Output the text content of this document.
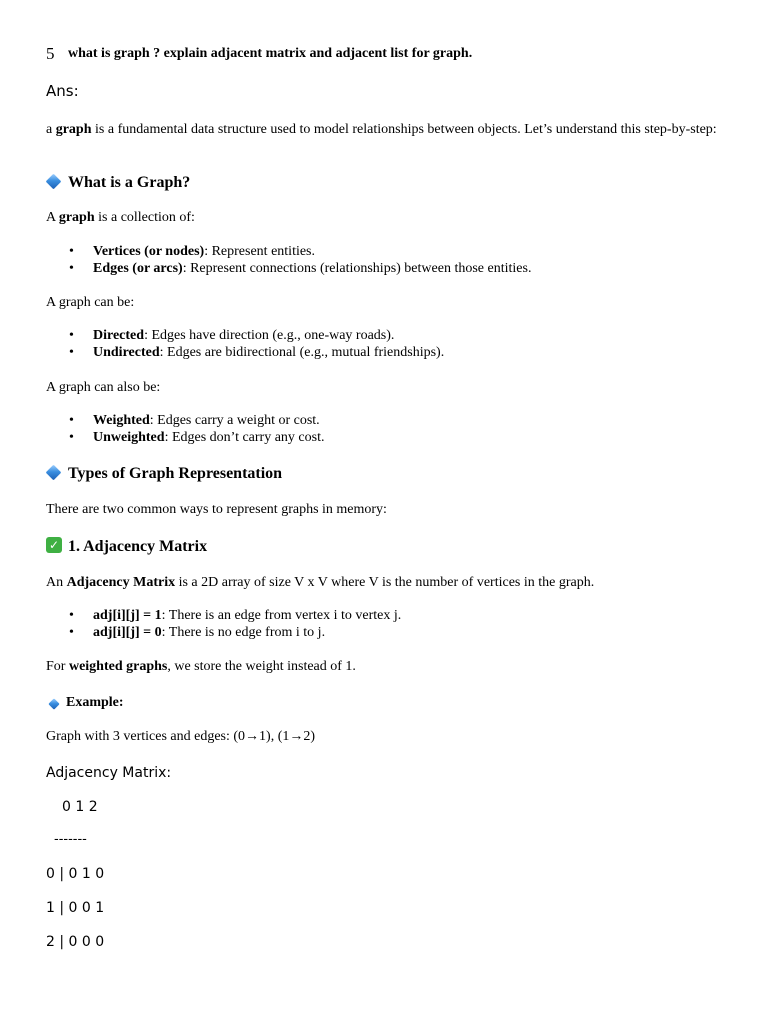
5 what is graph ? explain adjacent matrix and adjacent list for graph.
Ans:
a graph is a fundamental data structure used to model relationships between objects. Let’s understand this step-by-step:
What is a Graph?
A graph is a collection of:
• Vertices (or nodes): Represent entities.
• Edges (or arcs): Represent connections (relationships) between those entities.
A graph can be:
• Directed: Edges have direction (e.g., one-way roads).
• Undirected: Edges are bidirectional (e.g., mutual friendships).
A graph can also be:
• Weighted: Edges carry a weight or cost.
• Unweighted: Edges don’t carry any cost.
Types of Graph Representation
There are two common ways to represent graphs in memory:
✓ 1. Adjacency Matrix
An Adjacency Matrix is a 2D array of size V x V where V is the number of vertices in the graph.
• adj[i][j] = 1: There is an edge from vertex i to vertex j.
• adj[i][j] = 0: There is no edge from i to j.
For weighted graphs, we store the weight instead of 1.
Example:
Graph with 3 vertices and edges: (0→1), (1→2)
Adjacency Matrix:
0 1 2
-------
0 | 0 1 0
1 | 0 0 1
2 | 0 0 0
